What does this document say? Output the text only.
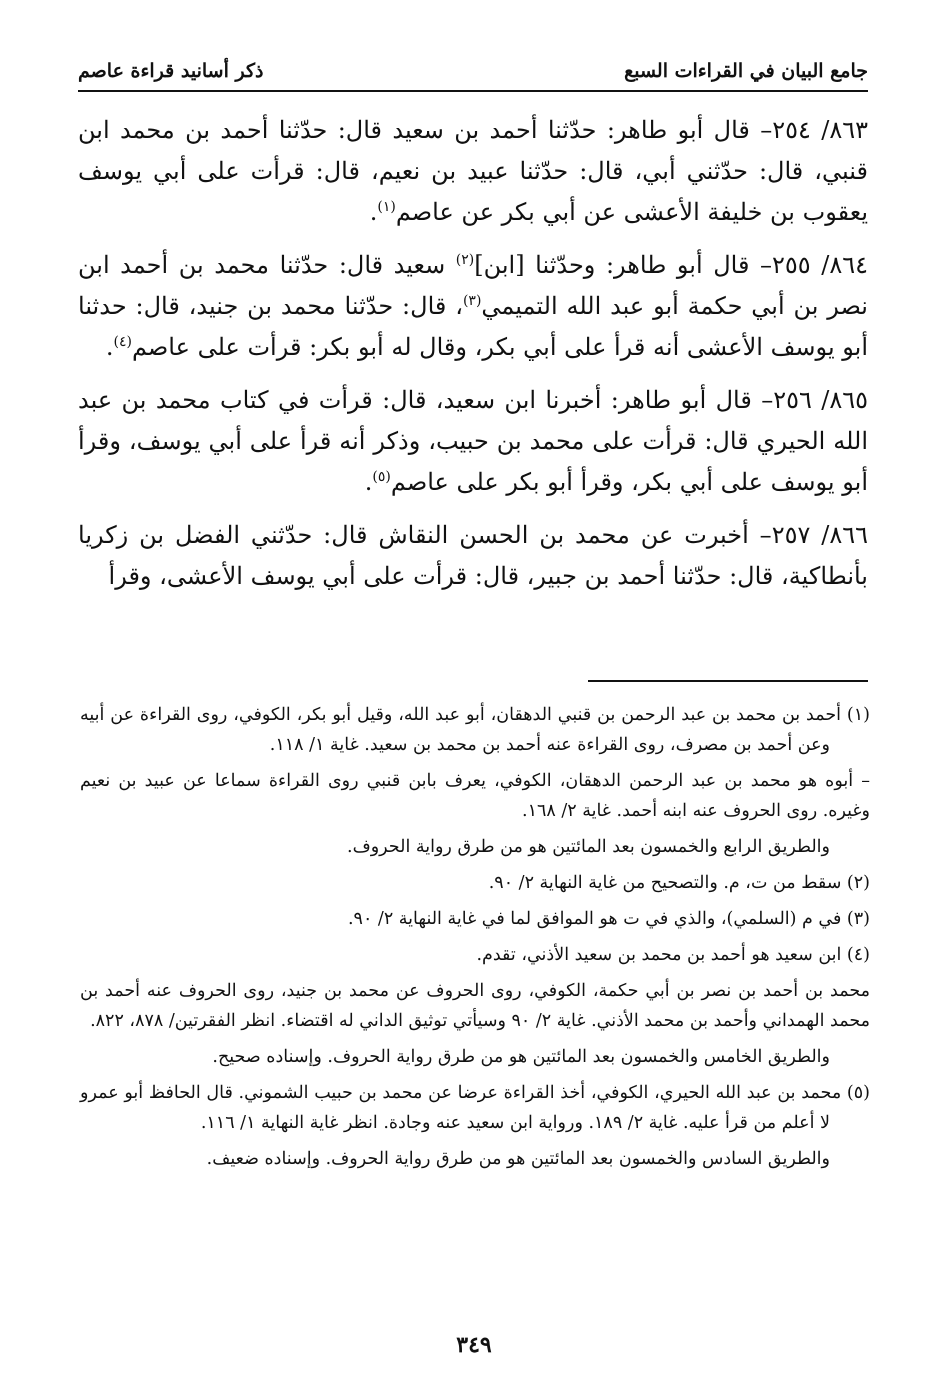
جامع البيان في القراءات السبع
ذكر أسانيد قراءة عاصم

٨٦٣/ ٢٥٤– قال أبو طاهر: حدّثنا أحمد بن سعيد قال: حدّثنا أحمد بن محمد ابن قنبي، قال: حدّثني أبي، قال: حدّثنا عبيد بن نعيم، قال: قرأت على أبي يوسف يعقوب بن خليفة الأعشى عن أبي بكر عن عاصم$^{(١)}$.

٨٦٤/ ٢٥٥– قال أبو طاهر: وحدّثنا [ابن]$^{(٢)}$ سعيد قال: حدّثنا محمد بن أحمد ابن نصر بن أبي حكمة أبو عبد الله التميمي$^{(٣)}$، قال: حدّثنا محمد بن جنيد، قال: حدثنا أبو يوسف الأعشى أنه قرأ على أبي بكر، وقال له أبو بكر: قرأت على عاصم$^{(٤)}$.

٨٦٥/ ٢٥٦– قال أبو طاهر: أخبرنا ابن سعيد، قال: قرأت في كتاب محمد بن عبد الله الحيري قال: قرأت على محمد بن حبيب، وذكر أنه قرأ على أبي يوسف، وقرأ أبو يوسف على أبي بكر، وقرأ أبو بكر على عاصم$^{(٥)}$.

٨٦٦/ ٢٥٧– أخبرت عن محمد بن الحسن النقاش قال: حدّثني الفضل بن زكريا بأنطاكية، قال: حدّثنا أحمد بن جبير، قال: قرأت على أبي يوسف الأعشى، وقرأ

(١) أحمد بن محمد بن عبد الرحمن بن قنبي الدهقان، أبو عبد الله، وقيل أبو بكر، الكوفي، روى القراءة عن أبيه وعن أحمد بن مصرف، روى القراءة عنه أحمد بن محمد بن سعيد. غاية ١/ ١١٨.

– أبوه هو محمد بن عبد الرحمن الدهقان، الكوفي، يعرف بابن قنبي روى القراءة سماعا عن عبيد بن نعيم وغيره. روى الحروف عنه ابنه أحمد. غاية ٢/ ١٦٨.

والطريق الرابع والخمسون بعد المائتين هو من طرق رواية الحروف.

(٢) سقط من ت، م. والتصحيح من غاية النهاية ٢/ ٩٠.

(٣) في م (السلمي)، والذي في ت هو الموافق لما في غاية النهاية ٢/ ٩٠.

(٤) ابن سعيد هو أحمد بن محمد بن سعيد الأذني، تقدم.

محمد بن أحمد بن نصر بن أبي حكمة، الكوفي، روى الحروف عن محمد بن جنيد، روى الحروف عنه أحمد بن محمد الهمداني وأحمد بن محمد الأذني. غاية ٢/ ٩٠ وسيأتي توثيق الداني له اقتضاء. انظر الفقرتين/ ٨٧٨، ٨٢٢.

والطريق الخامس والخمسون بعد المائتين هو من طرق رواية الحروف. وإسناده صحيح.

(٥) محمد بن عبد الله الحيري، الكوفي، أخذ القراءة عرضا عن محمد بن حبيب الشموني. قال الحافظ أبو عمرو لا أعلم من قرأ عليه. غاية ٢/ ١٨٩. ورواية ابن سعيد عنه وجادة. انظر غاية النهاية ١/ ١١٦.

والطريق السادس والخمسون بعد المائتين هو من طرق رواية الحروف. وإسناده ضعيف.

٣٤٩
